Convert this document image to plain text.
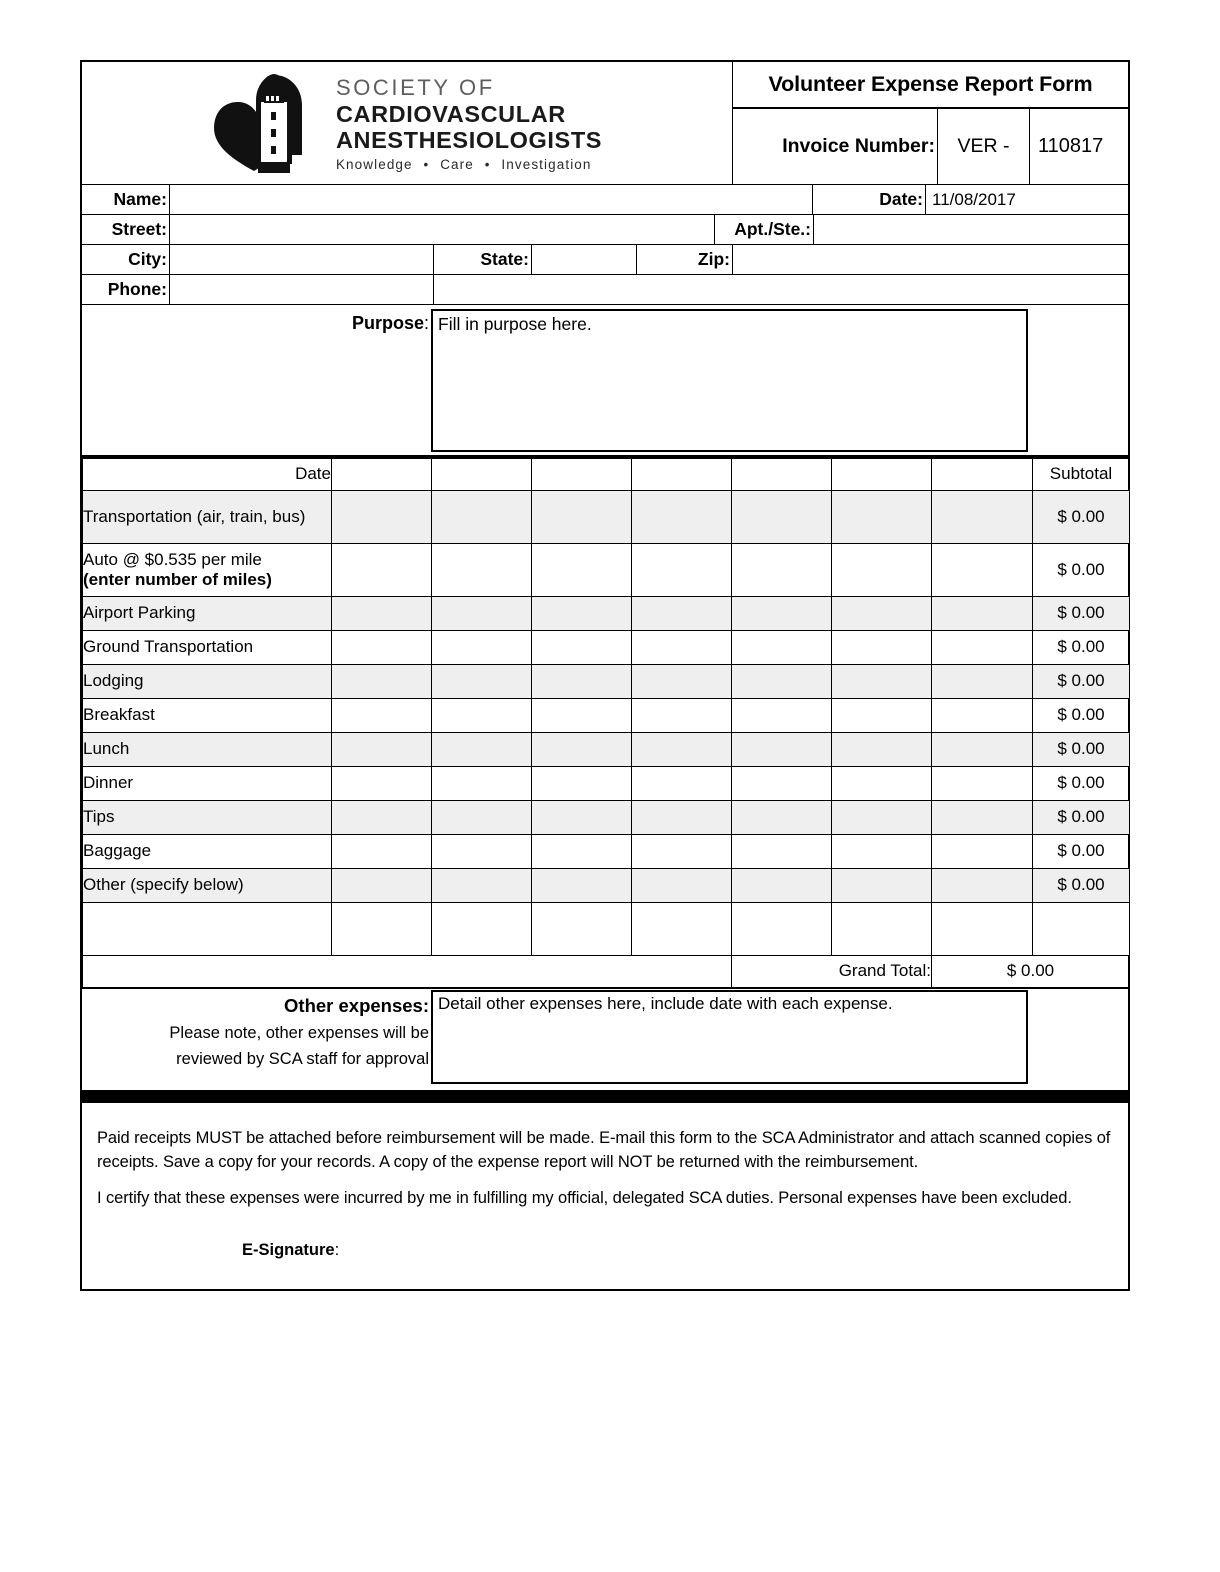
SOCIETY OF
CARDIOVASCULAR
ANESTHESIOLOGISTS
Knowledge • Care • Investigation
Volunteer Expense Report Form
Invoice Number :	VER -	110817
Name:	Date: 11/08/2017
Street:	Apt./Ste.:
City:	State:	Zip:
Phone:
Purpose: Fill in purpose here.
Date								Subtotal
Transportation (air, train, bus)								$ 0.00

Auto @ $0.535 per mile
(enter number of miles)								$ 0.00
Airport Parking								$ 0.00
Ground Transportation								$ 0.00
Lodging								$ 0.00
Breakfast								$ 0.00
Lunch								$ 0.00
Dinner								$ 0.00
Tips								$ 0.00
Baggage								$ 0.00
Other (specify below)								$ 0.00

					Grand Total:		$ 0.00	
Other expenses:
Please note, other expenses will be
reviewed by SCA staff for approval
Detail other expenses here, include date with each expense.

Paid receipts MUST be attached before reimbursement will be made. E-mail this form to the SCA Administrator and attach scanned copies of receipts. Save a copy for your records. A copy of the expense report will NOT be returned with the reimbursement.

I certify that these expenses were incurred by me in fulfilling my official, delegated SCA duties. Personal expenses have been excluded.

E-Signature:
